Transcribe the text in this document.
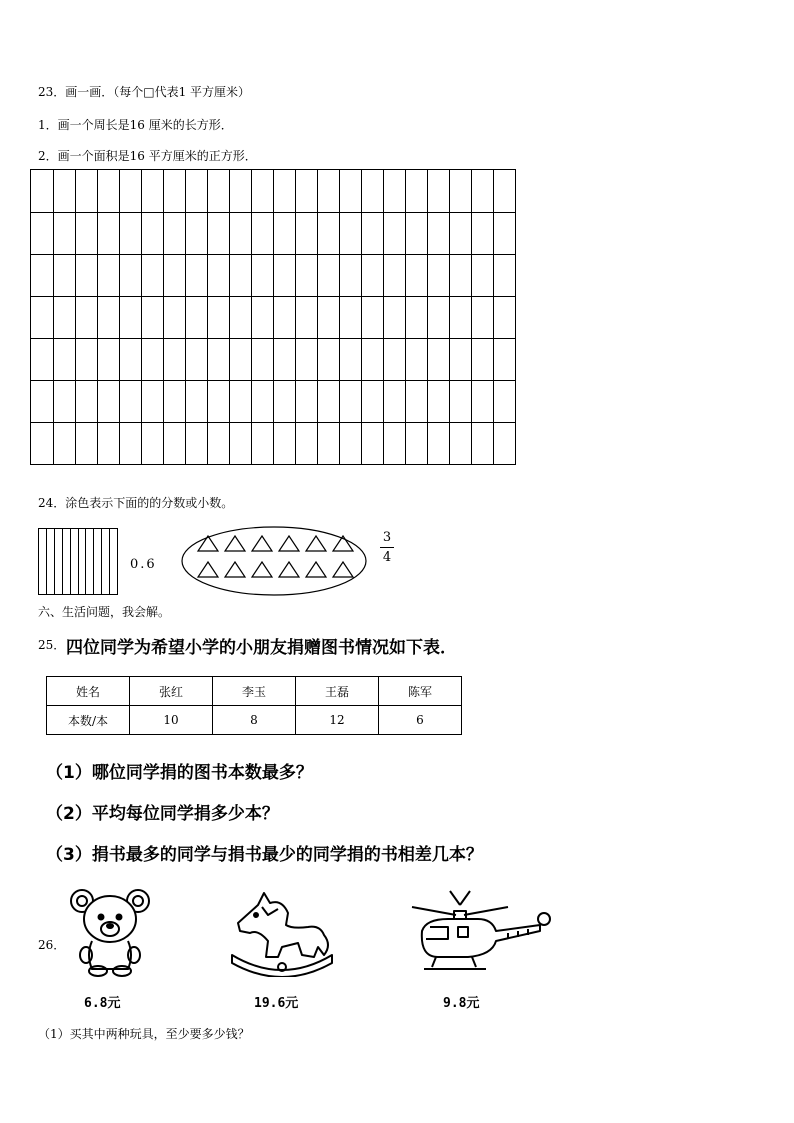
23．画一画．（每个□代表1 平方厘米）
1．画一个周长是16 厘米的长方形．
2．画一个面积是16 平方厘米的正方形．
24．涂色表示下面的的分数或小数。
0.6
3
4
六、生活问题，我会解。
25． 四位同学为希望小学的小朋友捐赠图书情况如下表．
姓名	张红	李玉	王磊	陈军
本数/本	10	8	12	6
（1）哪位同学捐的图书本数最多？
（2）平均每位同学捐多少本？
（3）捐书最多的同学与捐书最少的同学捐的书相差几本？
26．
6.8元	19.6元	9.8元
（1）买其中两种玩具，至少要多少钱？
